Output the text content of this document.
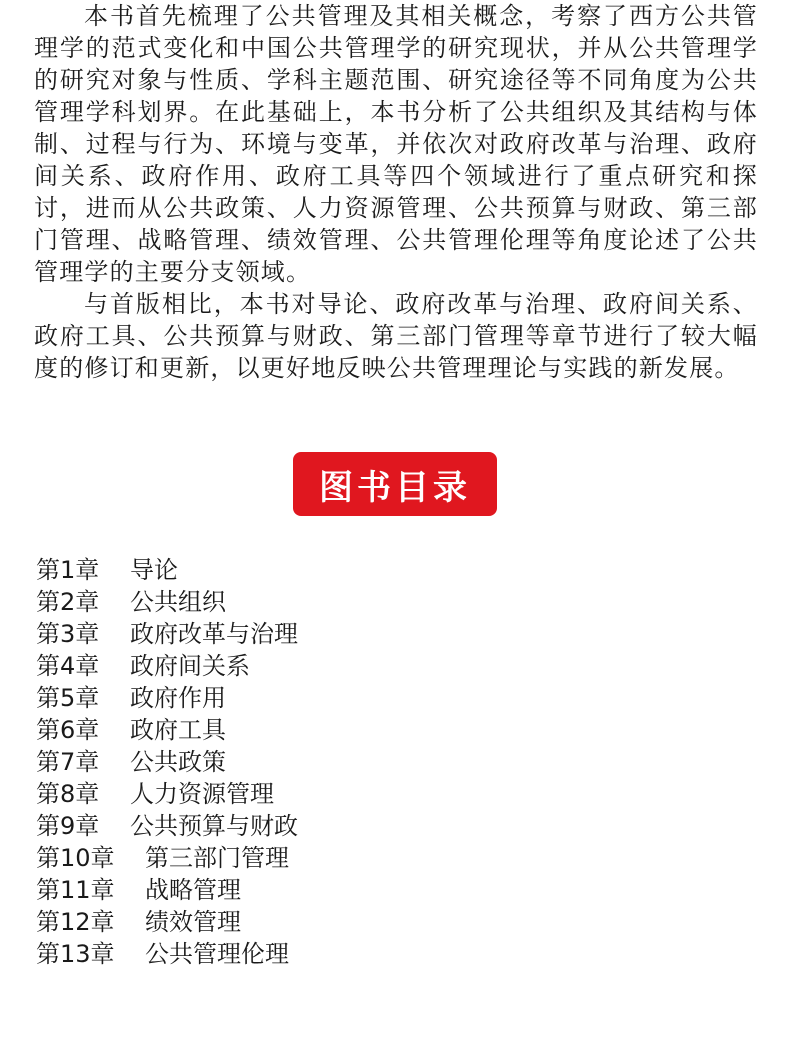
本书首先梳理了公共管理及其相关概念，考察了西方公共管理学的范式变化和中国公共管理学的研究现状，并从公共管理学的研究对象与性质、学科主题范围、研究途径等不同角度为公共管理学科划界。在此基础上，本书分析了公共组织及其结构与体制、过程与行为、环境与变革，并依次对政府改革与治理、政府间关系、政府作用、政府工具等四个领域进行了重点研究和探讨，进而从公共政策、人力资源管理、公共预算与财政、第三部门管理、战略管理、绩效管理、公共管理伦理等角度论述了公共管理学的主要分支领域。

与首版相比，本书对导论、政府改革与治理、政府间关系、政府工具、公共预算与财政、第三部门管理等章节进行了较大幅度的修订和更新，以更好地反映公共管理理论与实践的新发展。

图书目录
第1章	导论
第2章	公共组织
第3章	政府改革与治理
第4章	政府间关系
第5章	政府作用
第6章	政府工具
第7章	公共政策
第8章	人力资源管理
第9章	公共预算与财政
第10章	第三部门管理
第11章	战略管理
第12章	绩效管理
第13章	公共管理伦理
